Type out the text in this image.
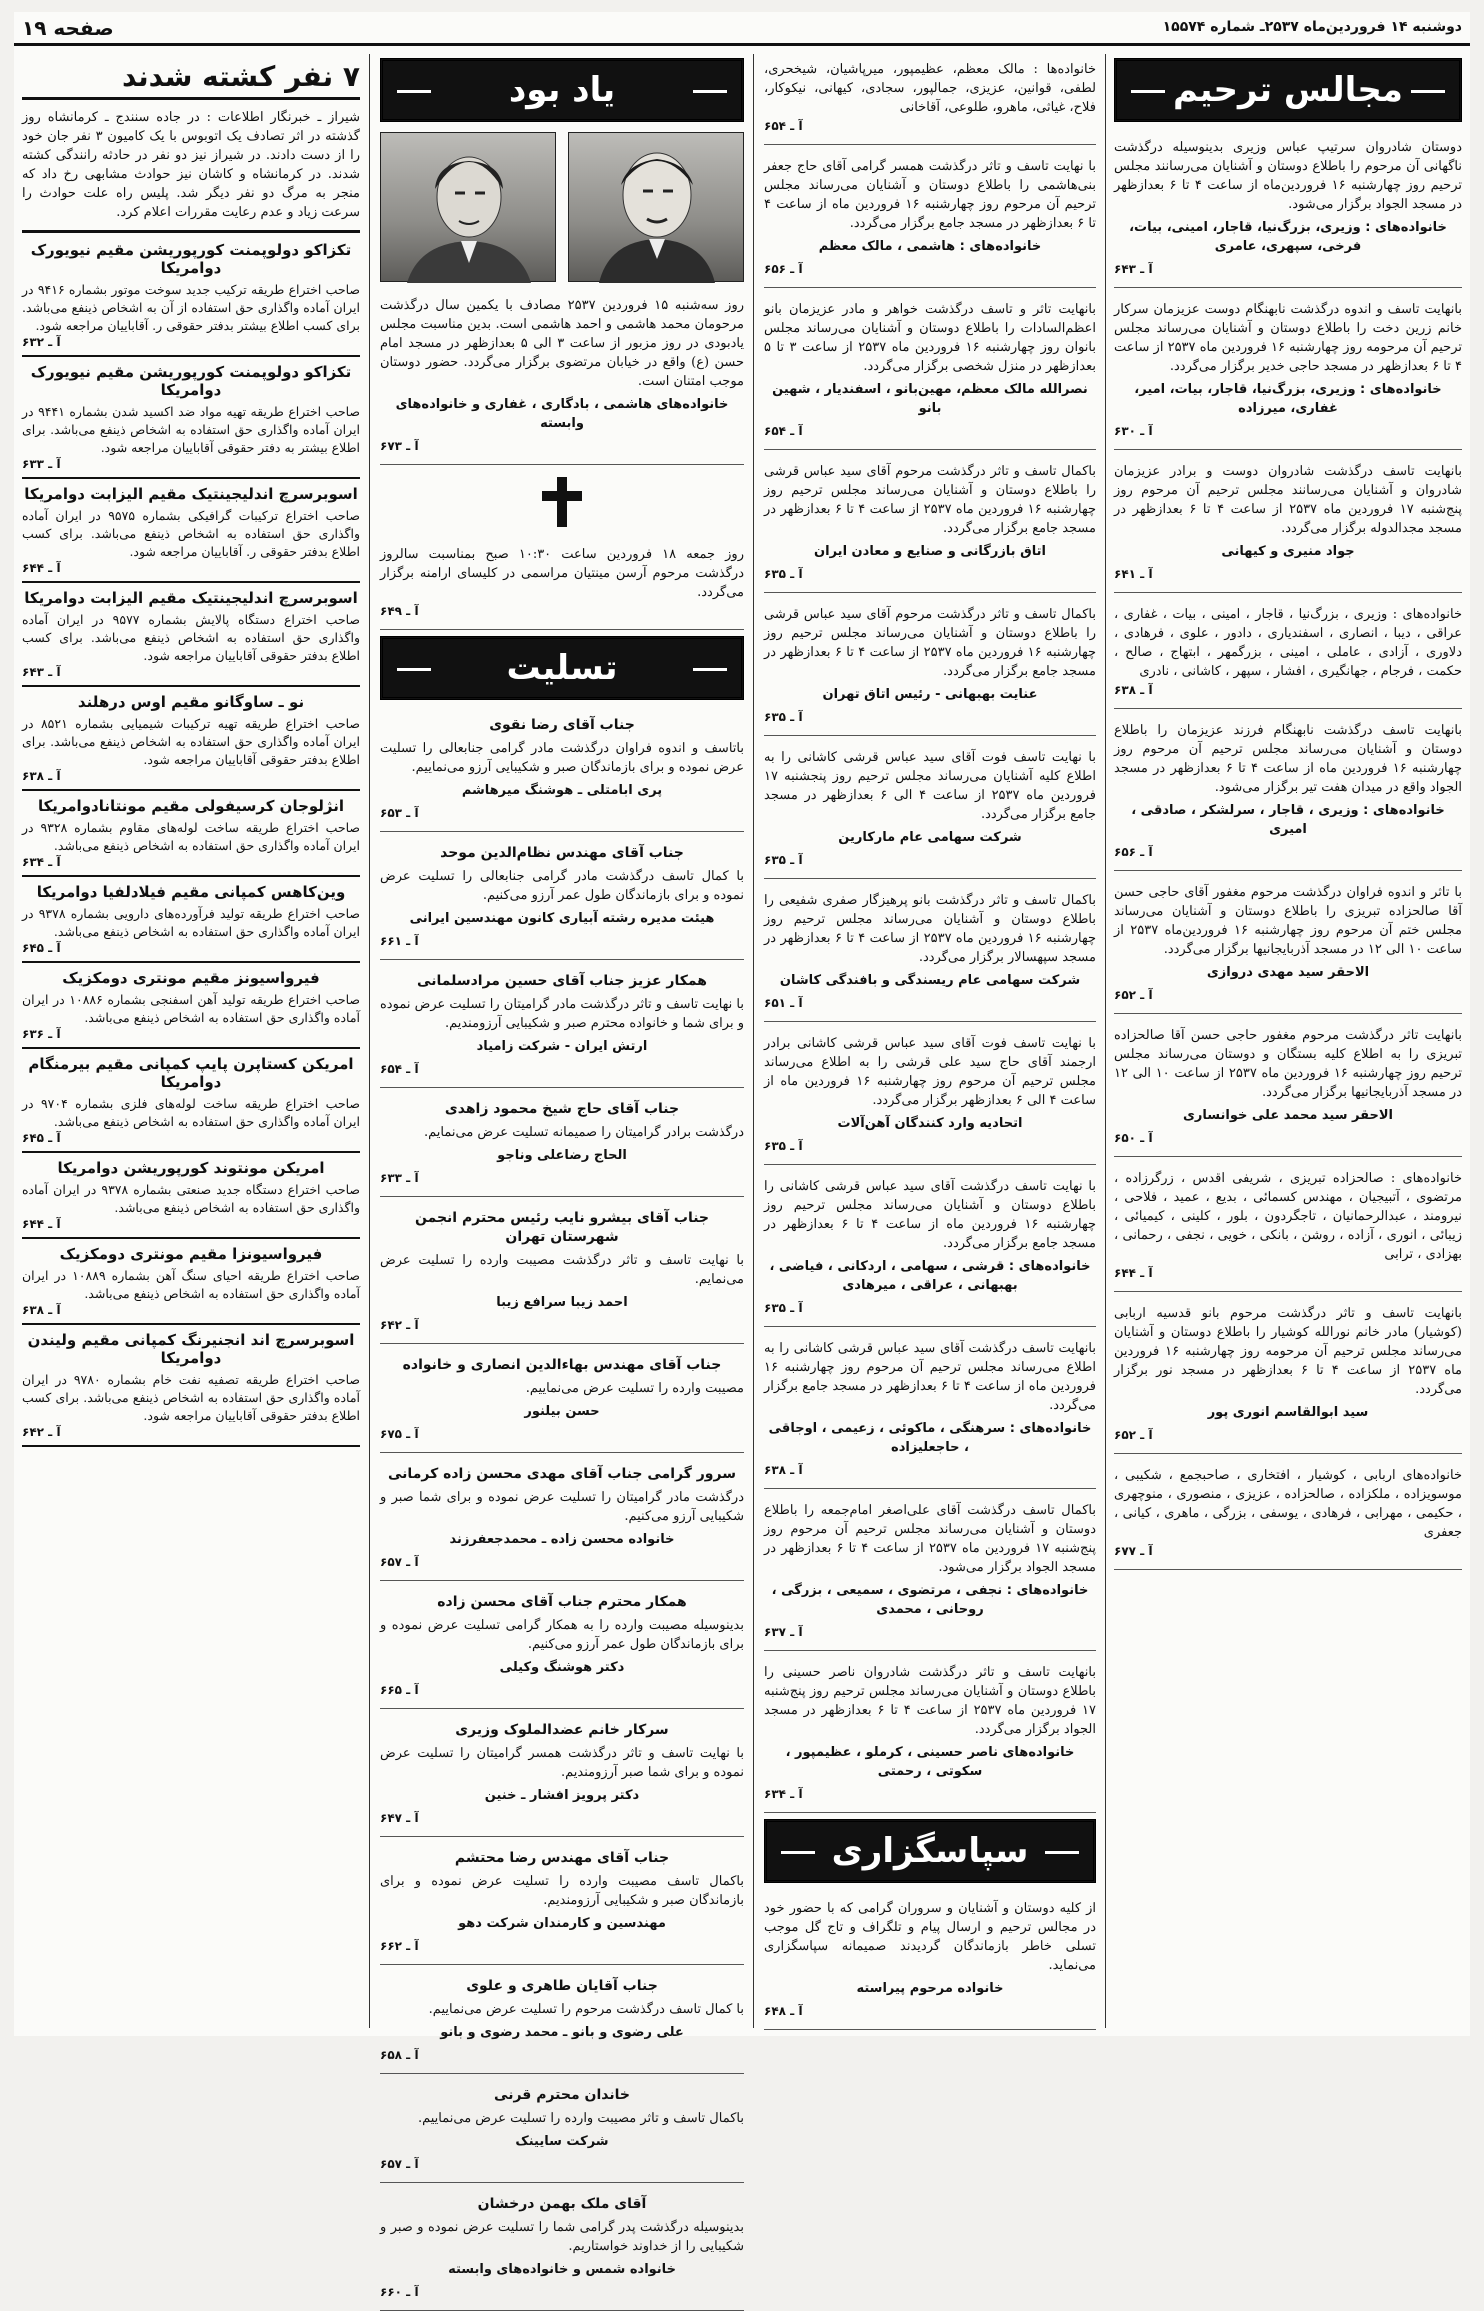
دوشنبه ۱۴ فروردین‌ماه ۲۵۳۷ـ شماره ۱۵۵۷۴
صفحه ۱۹
مجالس ترحیم
دوستان شادروان سرتیپ عباس وزیری بدینوسیله درگذشت ناگهانی آن مرحوم را باطلاع دوستان و آشنایان می‌رسانند مجلس ترحیم روز چهارشنبه ۱۶ فروردین‌ماه از ساعت ۴ تا ۶ بعدازظهر در مسجد الجواد برگزار می‌شود.
خانواده‌های : وزیری، بزرگ‌نیا، قاجار، امینی، بیات، فرخی، سپهری، عامری
آ ـ ۶۴۳
بانهایت تاسف و اندوه درگذشت نابهنگام دوست عزیزمان سرکار خانم زرین دخت را باطلاع دوستان و آشنایان می‌رساند مجلس ترحیم آن مرحومه روز چهارشنبه ۱۶ فروردین ماه ۲۵۳۷ از ساعت ۴ تا ۶ بعدازظهر در مسجد حاجی خدیر برگزار می‌گردد.
خانواده‌های : وزیری، بزرگ‌نیا، قاجار، بیات، امیر، غفاری، میرزاده
آ ـ ۶۳۰
بانهایت تاسف درگذشت شادروان دوست و برادر عزیزمان شادروان و آشنایان می‌رسانند مجلس ترحیم آن مرحوم روز پنج‌شنبه ۱۷ فروردین ماه ۲۵۳۷ از ساعت ۴ تا ۶ بعدازظهر در مسجد مجدالدوله برگزار می‌گردد.
جواد منیری و کیهانی
آ ـ ۶۴۱
خانواده‌های : وزیری ، بزرگ‌نیا ، قاجار ، امینی ، بیات ، غفاری ، عراقی ، دیبا ، انصاری ، اسفندیاری ، دادور ، علوی ، فرهادی ، دلاوری ، آزادی ، عاملی ، امینی ، بزرگمهر ، ابتهاج ، صالح ، حکمت ، فرجام ، جهانگیری ، افشار ، سپهر ، کاشانی ، نادری
آ ـ ۶۳۸
بانهایت تاسف درگذشت نابهنگام فرزند عزیزمان را باطلاع دوستان و آشنایان می‌رساند مجلس ترحیم آن مرحوم روز چهارشنبه ۱۶ فروردین ماه از ساعت ۴ تا ۶ بعدازظهر در مسجد الجواد واقع در میدان هفت تیر برگزار می‌شود.
خانواده‌های : وزیری ، قاجار ، سرلشکر ، صادقی ، امیری
آ ـ ۶۵۶
با تاثر و اندوه فراوان درگذشت مرحوم مغفور آقای حاجی حسن آقا صالحزاده تبریزی را باطلاع دوستان و آشنایان می‌رساند مجلس ختم آن مرحوم روز چهارشنبه ۱۶ فروردین‌ماه ۲۵۳۷ از ساعت ۱۰ الی ۱۲ در مسجد آذربایجانیها برگزار می‌گردد.
الاحقر سید مهدی دروازی
آ ـ ۶۵۲
بانهایت تاثر درگذشت مرحوم مغفور حاجی حسن آقا صالحزاده تبریزی را به اطلاع کلیه بستگان و دوستان می‌رساند مجلس ترحیم روز چهارشنبه ۱۶ فروردین ماه ۲۵۳۷ از ساعت ۱۰ الی ۱۲ در مسجد آذربایجانیها برگزار می‌گردد.
الاحقر سید محمد علی خوانساری
آ ـ ۶۵۰
خانواده‌های : صالحزاده تبریزی ، شریفی اقدس ، زرگرزاده ، مرتضوی ، آتبیجیان ، مهندس کسمائی ، بدیع ، عمید ، فلاحی ، نیرومند ، عبدالرحمانیان ، تاجگردون ، بلور ، کلینی ، کیمیائی ، زیبائی ، انوری ، آزاده ، روشن ، بانکی ، خویی ، نجفی ، رحمانی ، بهزادی ، ترابی
آ ـ ۶۴۴
بانهایت تاسف و تاثر درگذشت مرحوم بانو قدسیه اربابی (کوشیار) مادر خانم نورالله کوشیار را باطلاع دوستان و آشنایان می‌رساند مجلس ترحیم آن مرحومه روز چهارشنبه ۱۶ فروردین ماه ۲۵۳۷ از ساعت ۴ تا ۶ بعدازظهر در مسجد نور برگزار می‌گردد.
سید ابوالقاسم انوری پور
آ ـ ۶۵۲
خانواده‌های اربابی ، کوشیار ، افتخاری ، صاحبجمع ، شکیبی ، موسویزاده ، ملکزاده ، صالحزاده ، عزیزی ، منصوری ، منوچهری ، حکیمی ، مهرابی ، فرهادی ، یوسفی ، بزرگی ، ماهری ، کیانی ، جعفری
آ ـ ۶۷۷
خانواده‌ها : مالک معظم، عظیمپور، میرپاشیان، شیخحری، لطفی، قوانین، عزیزی، جمالپور، سجادی، کیهانی، نیکوکار، فلاح، غیاثی، ماهرو، طلوعی، آقاخانی
آ ـ ۶۵۴
با نهایت تاسف و تاثر درگذشت همسر گرامی آقای حاج جعفر بنی‌هاشمی را باطلاع دوستان و آشنایان می‌رساند مجلس ترحیم آن مرحوم روز چهارشنبه ۱۶ فروردین ماه از ساعت ۴ تا ۶ بعدازظهر در مسجد جامع برگزار می‌گردد.
خانواده‌های : هاشمی ، مالک معظم
آ ـ ۶۵۶
بانهایت تاثر و تاسف درگذشت خواهر و مادر عزیزمان بانو اعظم‌السادات را باطلاع دوستان و آشنایان می‌رساند مجلس بانوان روز چهارشنبه ۱۶ فروردین ماه ۲۵۳۷ از ساعت ۳ تا ۵ بعدازظهر در منزل شخصی برگزار می‌گردد.
نصرالله مالک معظم، مهین‌بانو ، اسفندیار ، شهین بانو
آ ـ ۶۵۴
باکمال تاسف و تاثر درگذشت مرحوم آقای سید عباس قرشی را باطلاع دوستان و آشنایان می‌رساند مجلس ترحیم روز چهارشنبه ۱۶ فروردین ماه ۲۵۳۷ از ساعت ۴ تا ۶ بعدازظهر در مسجد جامع برگزار می‌گردد.
اتاق بازرگانی و صنایع و معادن ایران
آ ـ ۶۳۵
باکمال تاسف و تاثر درگذشت مرحوم آقای سید عباس قرشی را باطلاع دوستان و آشنایان می‌رساند مجلس ترحیم روز چهارشنبه ۱۶ فروردین ماه ۲۵۳۷ از ساعت ۴ تا ۶ بعدازظهر در مسجد جامع برگزار می‌گردد.
عنایت بهبهانی - رئیس اتاق تهران
آ ـ ۶۳۵
با نهایت تاسف فوت آقای سید عباس قرشی کاشانی را به اطلاع کلیه آشنایان می‌رساند مجلس ترحیم روز پنجشنبه ۱۷ فروردین ماه ۲۵۳۷ از ساعت ۴ الی ۶ بعدازظهر در مسجد جامع برگزار می‌گردد.
شرکت سهامی عام مارکارین
آ ـ ۶۳۵
باکمال تاسف و تاثر درگذشت بانو پرهیزگار صفری شفیعی را باطلاع دوستان و آشنایان می‌رساند مجلس ترحیم روز چهارشنبه ۱۶ فروردین ماه ۲۵۳۷ از ساعت ۴ تا ۶ بعدازظهر در مسجد سپهسالار برگزار می‌گردد.
شرکت سهامی عام ریسندگی و بافندگی کاشان
آ ـ ۶۵۱
با نهایت تاسف فوت آقای سید عباس قرشی کاشانی برادر ارجمند آقای حاج سید علی قرشی را به اطلاع می‌رساند مجلس ترحیم آن مرحوم روز چهارشنبه ۱۶ فروردین ماه از ساعت ۴ الی ۶ بعدازظهر برگزار می‌گردد.
اتحادیه وارد کنندگان آهن‌آلات
آ ـ ۶۳۵
با نهایت تاسف درگذشت آقای سید عباس قرشی کاشانی را باطلاع دوستان و آشنایان می‌رساند مجلس ترحیم روز چهارشنبه ۱۶ فروردین ماه از ساعت ۴ تا ۶ بعدازظهر در مسجد جامع برگزار می‌گردد.
خانواده‌های : قرشی ، سهامی ، اردکانی ، فیاضی ، بهبهانی ، عراقی ، میرهادی
آ ـ ۶۳۵
بانهایت تاسف درگذشت آقای سید عباس قرشی کاشانی را به اطلاع می‌رساند مجلس ترحیم آن مرحوم روز چهارشنبه ۱۶ فروردین ماه از ساعت ۴ تا ۶ بعدازظهر در مسجد جامع برگزار می‌گردد.
خانواده‌های : سرهنگی ، ماکوئی ، زعیمی ، اوجاقی ، حاجعلیزاده
آ ـ ۶۳۸
باکمال تاسف درگذشت آقای علی‌اصغر امام‌جمعه را باطلاع دوستان و آشنایان می‌رساند مجلس ترحیم آن مرحوم روز پنج‌شنبه ۱۷ فروردین ماه ۲۵۳۷ از ساعت ۴ تا ۶ بعدازظهر در مسجد الجواد برگزار می‌شود.
خانواده‌های : نجفی ، مرتضوی ، سمیعی ، بزرگی ، روحانی ، محمدی
آ ـ ۶۳۷
بانهایت تاسف و تاثر درگذشت شادروان ناصر حسینی را باطلاع دوستان و آشنایان می‌رساند مجلس ترحیم روز پنج‌شنبه ۱۷ فروردین ماه ۲۵۳۷ از ساعت ۴ تا ۶ بعدازظهر در مسجد الجواد برگزار می‌گردد.
خانواده‌های ناصر حسینی ، کرملو ، عظیمپور ، سکوتی ، رحمتی
آ ـ ۶۳۴
سپاسگزاری
از کلیه دوستان و آشنایان و سروران گرامی که با حضور خود در مجالس ترحیم و ارسال پیام و تلگراف و تاج گل موجب تسلی خاطر بازماندگان گردیدند صمیمانه سپاسگزاری می‌نماید.
خانواده مرحوم پیراسته
آ ـ ۶۴۸
یاد بود
روز سه‌شنبه ۱۵ فروردین ۲۵۳۷ مصادف با یکمین سال درگذشت مرحومان محمد هاشمی و احمد هاشمی است. بدین مناسبت مجلس یادبودی در روز مزبور از ساعت ۳ الی ۵ بعدازظهر در مسجد امام حسن (ع) واقع در خیابان مرتضوی برگزار می‌گردد. حضور دوستان موجب امتنان است.
خانواده‌های هاشمی ، بادگاری ، غفاری و خانواده‌های وابسته
آ ـ ۶۷۳
روز جمعه ۱۸ فروردین ساعت ۱۰:۳۰ صبح بمناسبت سالروز درگذشت مرحوم آرسن مینتیان مراسمی در کلیسای ارامنه برگزار می‌گردد.
آ ـ ۶۴۹
تسلیت
جناب آقای رضا نقوی
باتاسف و اندوه فراوان درگذشت مادر گرامی جنابعالی را تسلیت عرض نموده و برای بازماندگان صبر و شکیبایی آرزو می‌نماییم.
پری ابامتلی ـ هوشنگ میرهاشم
آ ـ ۶۵۳
جناب آقای مهندس نظام‌الدین موحد
با کمال تاسف درگذشت مادر گرامی جنابعالی را تسلیت عرض نموده و برای بازماندگان طول عمر آرزو می‌کنیم.
هیئت مدیره رشته آبیاری کانون مهندسین ایرانی
آ ـ ۶۶۱
همکار عزیز جناب آقای حسین مرادسلمانی
با نهایت تاسف و تاثر درگذشت مادر گرامیتان را تسلیت عرض نموده و برای شما و خانواده محترم صبر و شکیبایی آرزومندیم.
ارتش ایران - شرکت زامیاد
آ ـ ۶۵۴
جناب آقای حاج شیخ محمود زاهدی
درگذشت برادر گرامیتان را صمیمانه تسلیت عرض می‌نمایم.
الحاج رضاعلی وناجو
آ ـ ۶۳۳
جناب آقای بیشرو نایب رئیس محترم انجمن شهرستان تهران
با نهایت تاسف و تاثر درگذشت مصیبت وارده را تسلیت عرض می‌نمایم.
احمد زیبا سرافع زیبا
آ ـ ۶۴۲
جناب آقای مهندس بهاءالدین انصاری و خانواده
مصیبت وارده را تسلیت عرض می‌نماییم.
حسن بیلنور
آ ـ ۶۷۵
سرور گرامی جناب آقای مهدی محسن زاده کرمانی
درگذشت مادر گرامیتان را تسلیت عرض نموده و برای شما صبر و شکیبایی آرزو می‌کنیم.
خانواده محسن زاده ـ محمدجعفرزند
آ ـ ۶۵۷
همکار محترم جناب آقای محسن زاده
بدینوسیله مصیبت وارده را به همکار گرامی تسلیت عرض نموده و برای بازماندگان طول عمر آرزو می‌کنیم.
دکتر هوشنگ وکیلی
آ ـ ۶۶۵
سرکار خانم عضدالملوک وزیری
با نهایت تاسف و تاثر درگذشت همسر گرامیتان را تسلیت عرض نموده و برای شما صبر آرزومندیم.
دکتر پرویز افشار ـ خنین
آ ـ ۶۴۷
جناب آقای مهندس رضا محتشم
باکمال تاسف مصیبت وارده را تسلیت عرض نموده و برای بازماندگان صبر و شکیبایی آرزومندیم.
مهندسین و کارمندان شرکت دهو
آ ـ ۶۶۲
جناب آقایان طاهری و علوی
با کمال تاسف درگذشت مرحوم را تسلیت عرض می‌نماییم.
علی رضوی و بانو ـ محمد رضوی و بانو
آ ـ ۶۵۸
خاندان محترم قرنی
باکمال تاسف و تاثر مصیبت وارده را تسلیت عرض می‌نماییم.
شرکت سایینک
آ ـ ۶۵۷
آقای ملک بهمن درخشان
بدینوسیله درگذشت پدر گرامی شما را تسلیت عرض نموده و صبر و شکیبایی را از خداوند خواستاریم.
خانواده شمس و خانواده‌های وابسته
آ ـ ۶۶۰
۷ نفر کشته شدند
شیراز ـ خبرنگار اطلاعات : در جاده سنندج ـ کرمانشاه روز گذشته در اثر تصادف یک اتوبوس با یک کامیون ۳ نفر جان خود را از دست دادند. در شیراز نیز دو نفر در حادثه رانندگی کشته شدند. در کرمانشاه و کاشان نیز حوادث مشابهی رخ داد که منجر به مرگ دو نفر دیگر شد. پلیس راه علت حوادث را سرعت زیاد و عدم رعایت مقررات اعلام کرد.
تکزاکو دولوپمنت کورپوریشن مقیم نیویورک دوامریکا
صاحب اختراع طریقه ترکیب جدید سوخت موتور بشماره ۹۴۱۶ در ایران آماده واگذاری حق استفاده از آن به اشخاص ذینفع می‌باشد. برای کسب اطلاع بیشتر بدفتر حقوقی ر. آقاباییان مراجعه شود.
آ ـ ۶۳۲
تکزاکو دولوپمنت کورپوریشن مقیم نیویورک دوامریکا
صاحب اختراع طریقه تهیه مواد ضد اکسید شدن بشماره ۹۴۴۱ در ایران آماده واگذاری حق استفاده به اشخاص ذینفع می‌باشد. برای اطلاع بیشتر به دفتر حقوقی آقاباییان مراجعه شود.
آ ـ ۶۳۳
اسوبرسرچ اندلیجینتیک مقیم الیزابت دوامریکا
صاحب اختراع ترکیبات گرافیکی بشماره ۹۵۷۵ در ایران آماده واگذاری حق استفاده به اشخاص ذینفع می‌باشد. برای کسب اطلاع بدفتر حقوقی ر. آقاباییان مراجعه شود.
آ ـ ۶۴۴
اسوبرسرچ اندلیجینتیک مقیم الیزابت دوامریکا
صاحب اختراع دستگاه پالایش بشماره ۹۵۷۷ در ایران آماده واگذاری حق استفاده به اشخاص ذینفع می‌باشد. برای کسب اطلاع بدفتر حقوقی آقاباییان مراجعه شود.
آ ـ ۶۴۳
نو ـ ساوگانو مقیم اوس درهلند
صاحب اختراع طریقه تهیه ترکیبات شیمیایی بشماره ۸۵۲۱ در ایران آماده واگذاری حق استفاده به اشخاص ذینفع می‌باشد. برای اطلاع بدفتر حقوقی آقاباییان مراجعه شود.
آ ـ ۶۳۸
انژلوجان کرسیفولی مقیم مونتانادوامریکا
صاحب اختراع طریقه ساخت لوله‌های مقاوم بشماره ۹۳۲۸ در ایران آماده واگذاری حق استفاده به اشخاص ذینفع می‌باشد.
آ ـ ۶۳۴
وین‌کاهس کمپانی مقیم فیلادلفیا دوامریکا
صاحب اختراع طریقه تولید فرآورده‌های دارویی بشماره ۹۳۷۸ در ایران آماده واگذاری حق استفاده به اشخاص ذینفع می‌باشد.
آ ـ ۶۴۵
فیرواسیونز مقیم مونتری دومکزیک
صاحب اختراع طریقه تولید آهن اسفنجی بشماره ۱۰۸۸۶ در ایران آماده واگذاری حق استفاده به اشخاص ذینفع می‌باشد.
آ ـ ۶۳۶
امریکن کستاپرن پایپ کمپانی مقیم بیرمنگام دوامریکا
صاحب اختراع طریقه ساخت لوله‌های فلزی بشماره ۹۷۰۴ در ایران آماده واگذاری حق استفاده به اشخاص ذینفع می‌باشد.
آ ـ ۶۴۵
امریکن مونتوند کورپوریشن دوامریکا
صاحب اختراع دستگاه جدید صنعتی بشماره ۹۳۷۸ در ایران آماده واگذاری حق استفاده به اشخاص ذینفع می‌باشد.
آ ـ ۶۴۴
فیرواسیونزا مقیم مونتری دومکزیک
صاحب اختراع طریقه احیای سنگ آهن بشماره ۱۰۸۸۹ در ایران آماده واگذاری حق استفاده به اشخاص ذینفع می‌باشد.
آ ـ ۶۳۸
اسوبرسرچ اند انجنیرنگ کمپانی مقیم ولیندن دوامریکا
صاحب اختراع طریقه تصفیه نفت خام بشماره ۹۷۸۰ در ایران آماده واگذاری حق استفاده به اشخاص ذینفع می‌باشد. برای کسب اطلاع بدفتر حقوقی آقاباییان مراجعه شود.
آ ـ ۶۴۲
